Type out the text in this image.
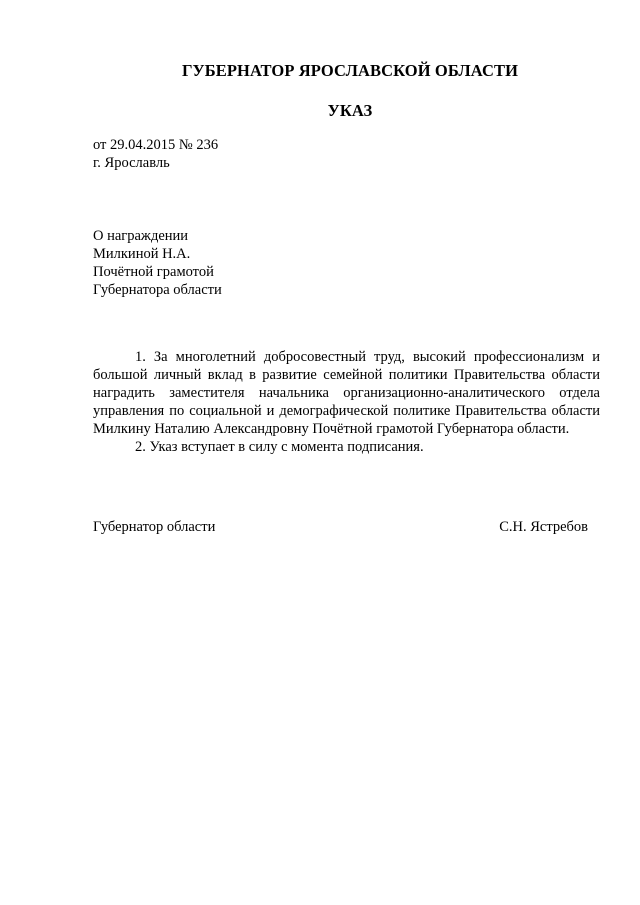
ГУБЕРНАТОР ЯРОСЛАВСКОЙ ОБЛАСТИ
УКАЗ
от 29.04.2015 № 236
г. Ярославль
О награждении
Милкиной Н.А.
Почётной грамотой
Губернатора области

1. За многолетний добросовестный труд, высокий профессионализм и большой личный вклад в развитие семейной политики Правительства области наградить заместителя начальника организационно-аналитического отдела управления по социальной и демографической политике Правительства области Милкину Наталию Александровну Почётной грамотой Губернатора области.

2. Указ вступает в силу с момента подписания.

Губернатор области	С.Н. Ястребов
